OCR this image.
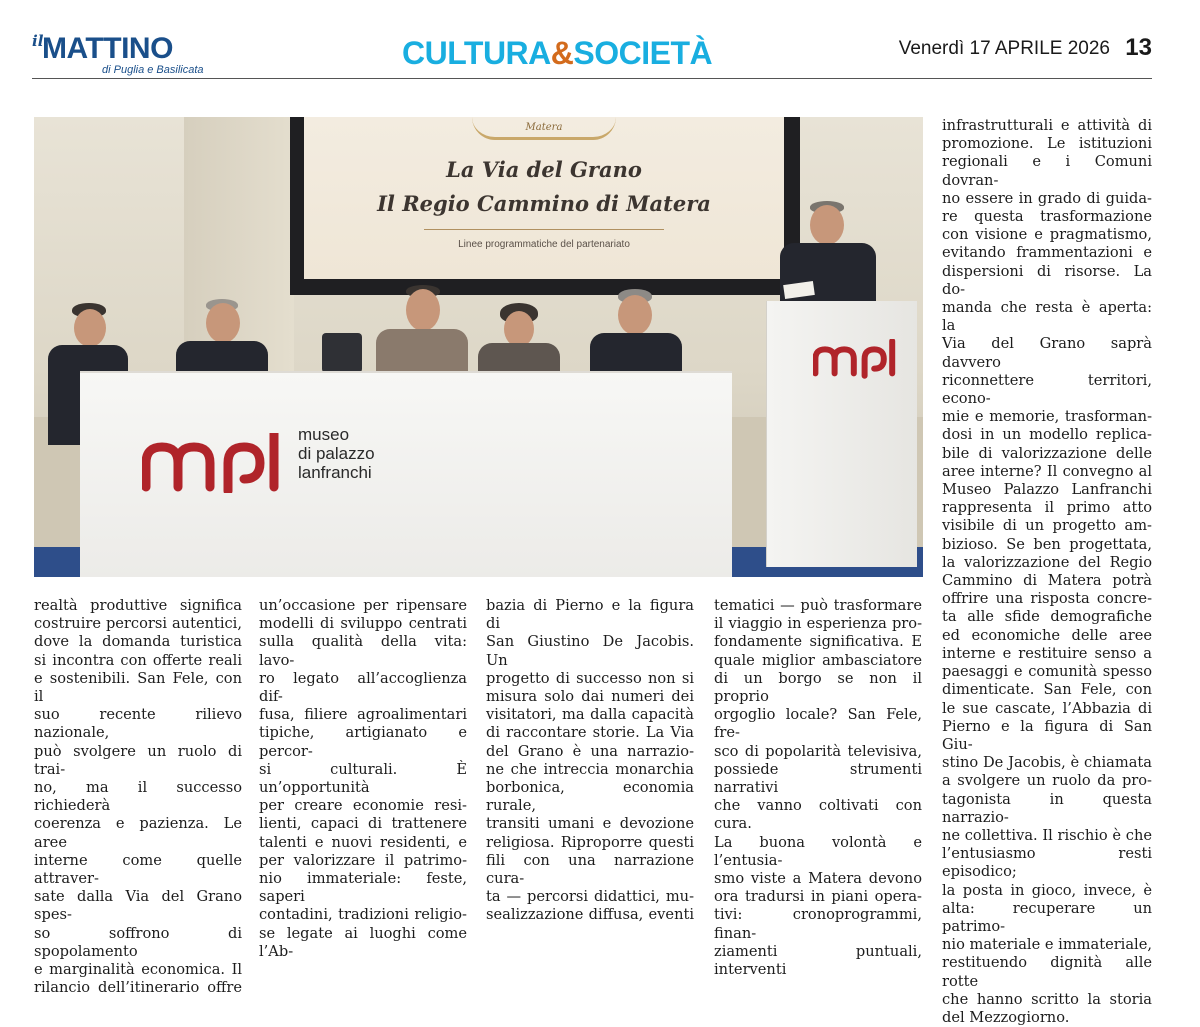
il
MATTINO
di Puglia e Basilicata	CULTURA&SOCIETÀ	Venerdì 17 APRILE 2026 13
Matera
La Via del Grano
Il Regio Cammino di Matera
Linee programmatiche del partenariato
museo
di palazzo
lanfranchi

realtà produttive significa

costruire percorsi autentici,

dove la domanda turistica

si incontra con offerte reali

e sostenibili. San Fele, con il

suo recente rilievo nazionale,

può svolgere un ruolo di trai-

no, ma il successo richiederà

coerenza e pazienza. Le aree

interne come quelle attraver-

sate dalla Via del Grano spes-

so soffrono di spopolamento

e marginalità economica. Il

rilancio dell’itinerario offre

un’occasione per ripensare

modelli di sviluppo centrati

sulla qualità della vita: lavo-

ro legato all’accoglienza dif-

fusa, filiere agroalimentari

tipiche, artigianato e percor-

si culturali. È un’opportunità

per creare economie resi-

lienti, capaci di trattenere

talenti e nuovi residenti, e

per valorizzare il patrimo-

nio immateriale: feste, saperi

contadini, tradizioni religio-

se legate ai luoghi come l’Ab-

bazia di Pierno e la figura di

San Giustino De Jacobis. Un

progetto di successo non si

misura solo dai numeri dei

visitatori, ma dalla capacità

di raccontare storie. La Via

del Grano è una narrazio-

ne che intreccia monarchia

borbonica, economia rurale,

transiti umani e devozione

religiosa. Riproporre questi

fili con una narrazione cura-

ta — percorsi didattici, mu-

sealizzazione diffusa, eventi

tematici — può trasformare

il viaggio in esperienza pro-

fondamente significativa. E

quale miglior ambasciatore

di un borgo se non il proprio

orgoglio locale? San Fele, fre-

sco di popolarità televisiva,

possiede strumenti narrativi

che vanno coltivati con cura.

La buona volontà e l’entusia-

smo viste a Matera devono

ora tradursi in piani opera-

tivi: cronoprogrammi, finan-

ziamenti puntuali, interventi

infrastrutturali e attività di

promozione. Le istituzioni

regionali e i Comuni dovran-

no essere in grado di guida-

re questa trasformazione

con visione e pragmatismo,

evitando frammentazioni e

dispersioni di risorse. La do-

manda che resta è aperta: la

Via del Grano saprà davvero

riconnettere territori, econo-

mie e memorie, trasforman-

dosi in un modello replica-

bile di valorizzazione delle

aree interne? Il convegno al

Museo Palazzo Lanfranchi

rappresenta il primo atto

visibile di un progetto am-

bizioso. Se ben progettata,

la valorizzazione del Regio

Cammino di Matera potrà

offrire una risposta concre-

ta alle sfide demografiche

ed economiche delle aree

interne e restituire senso a

paesaggi e comunità spesso

dimenticate. San Fele, con

le sue cascate, l’Abbazia di

Pierno e la figura di San Giu-

stino De Jacobis, è chiamata

a svolgere un ruolo da pro-

tagonista in questa narrazio-

ne collettiva. Il rischio è che

l’entusiasmo resti episodico;

la posta in gioco, invece, è

alta: recuperare un patrimo-

nio materiale e immateriale,

restituendo dignità alle rotte

che hanno scritto la storia

del Mezzogiorno.
